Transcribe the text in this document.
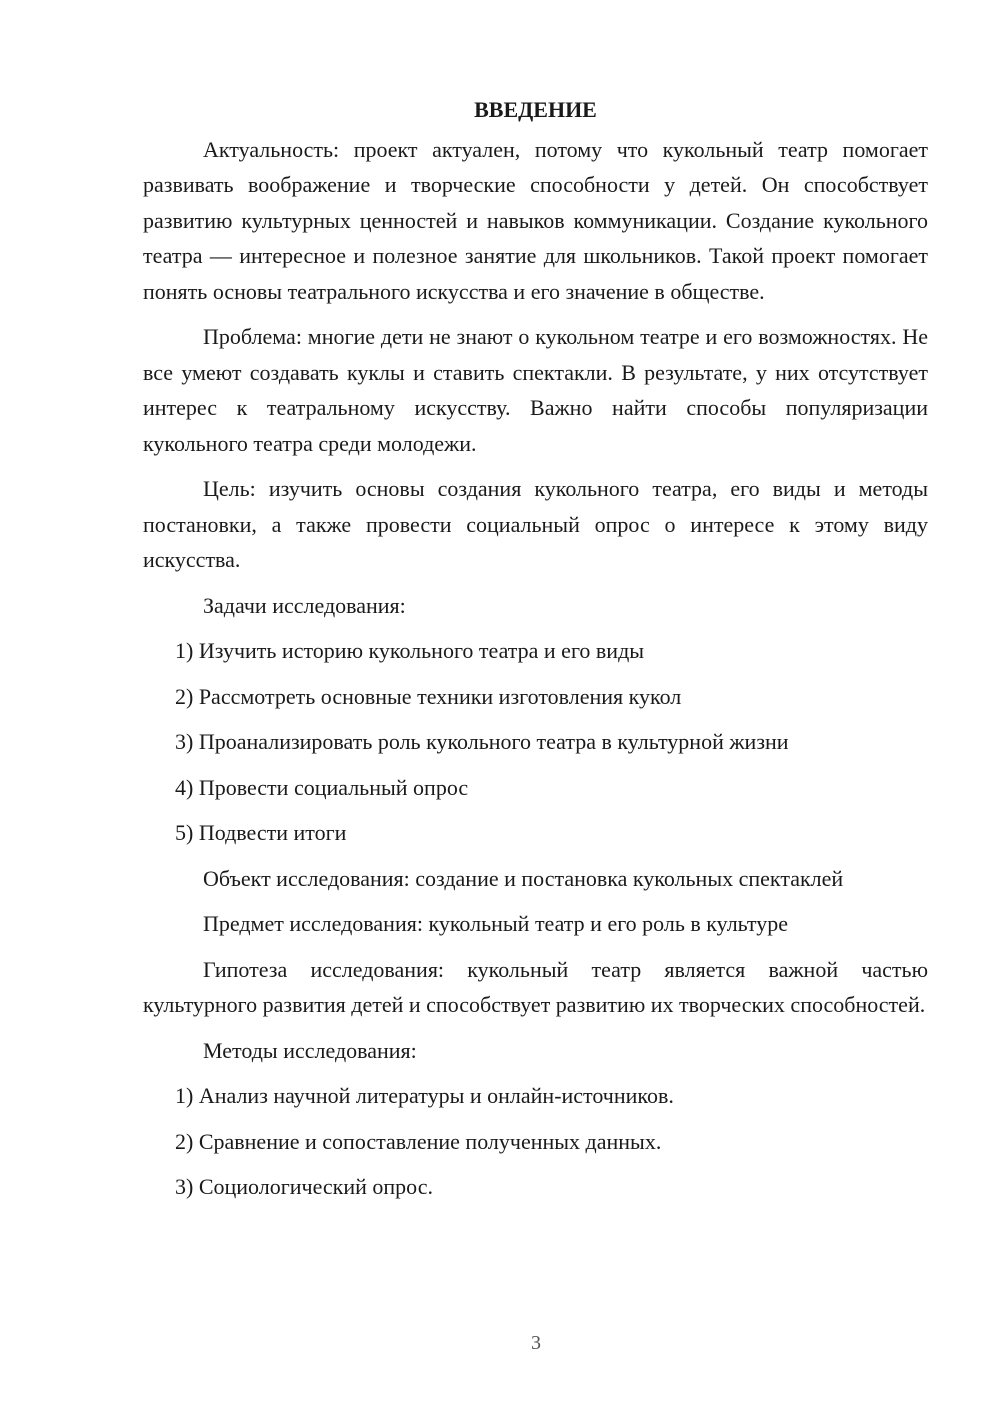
ВВЕДЕНИЕ

Актуальность: проект актуален, потому что кукольный театр помогает развивать воображение и творческие способности у детей. Он способствует развитию культурных ценностей и навыков коммуникации. Создание кукольного театра — интересное и полезное занятие для школьников. Такой проект помогает понять основы театрального искусства и его значение в обществе.

Проблема: многие дети не знают о кукольном театре и его возможностях. Не все умеют создавать куклы и ставить спектакли. В результате, у них отсутствует интерес к театральному искусству. Важно найти способы популяризации кукольного театра среди молодежи.

Цель: изучить основы создания кукольного театра, его виды и методы постановки, а также провести социальный опрос о интересе к этому виду искусства.

Задачи исследования:
1) Изучить историю кукольного театра и его виды
2) Рассмотреть основные техники изготовления кукол
3) Проанализировать роль кукольного театра в культурной жизни
4) Провести социальный опрос
5) Подвести итоги
Объект исследования: создание и постановка кукольных спектаклей
Предмет исследования: кукольный театр и его роль в культуре

Гипотеза исследования: кукольный театр является важной частью культурного развития детей и способствует развитию их творческих способностей.

Методы исследования:
1) Анализ научной литературы и онлайн-источников.
2) Сравнение и сопоставление полученных данных.
3) Социологический опрос.
3
